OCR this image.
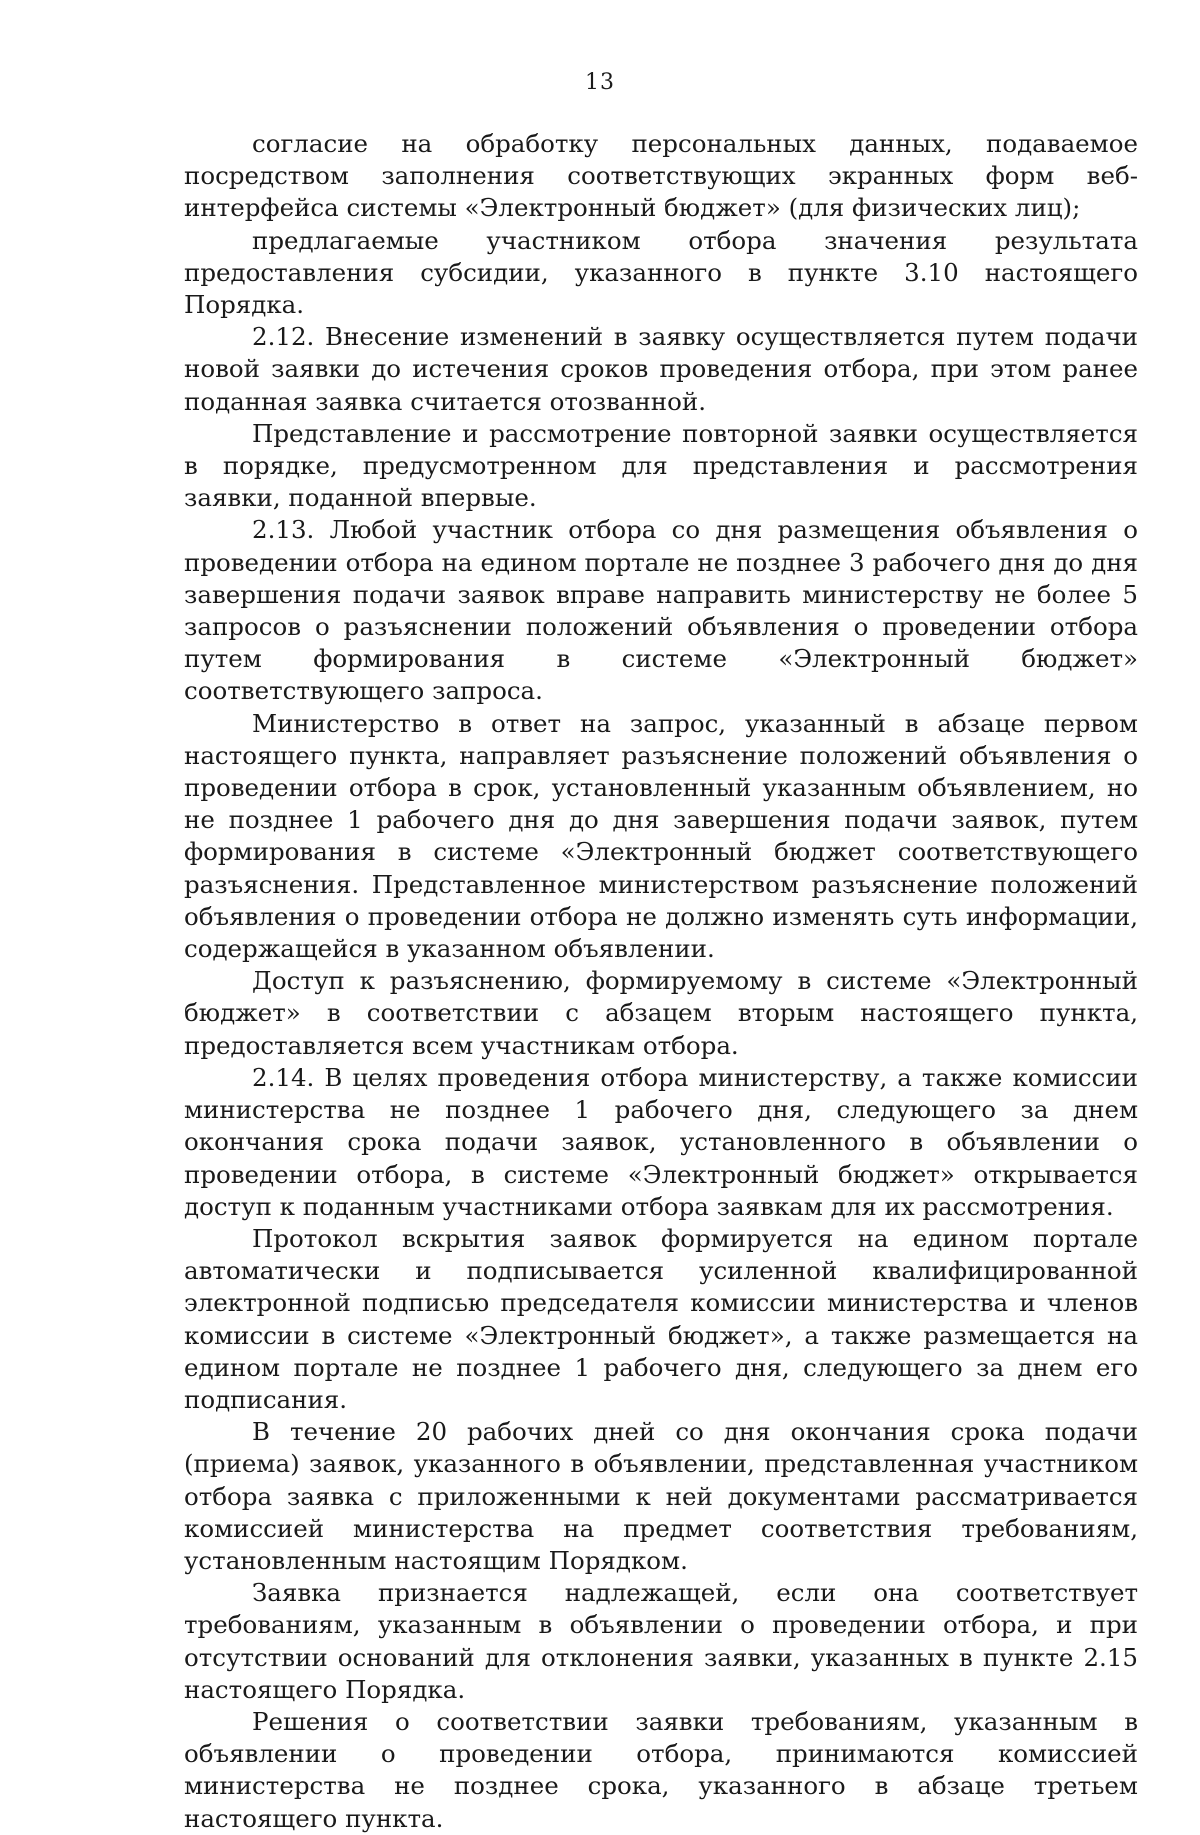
13

согласие на обработку персональных данных, подаваемое посредством заполнения соответствующих экранных форм веб-интерфейса системы «Электронный бюджет» (для физических лиц);

предлагаемые участником отбора значения результата предоставления субсидии, указанного в пункте 3.10 настоящего Порядка.

2.12. Внесение изменений в заявку осуществляется путем подачи новой заявки до истечения сроков проведения отбора, при этом ранее поданная заявка считается отозванной.

Представление и рассмотрение повторной заявки осуществляется в порядке, предусмотренном для представления и рассмотрения заявки, поданной впервые.

2.13. Любой участник отбора со дня размещения объявления о проведении отбора на едином портале не позднее 3 рабочего дня до дня завершения подачи заявок вправе направить министерству не более 5 запросов о разъяснении положений объявления о проведении отбора путем формирования в системе «Электронный бюджет» соответствующего запроса.

Министерство в ответ на запрос, указанный в абзаце первом настоящего пункта, направляет разъяснение положений объявления о проведении отбора в срок, установленный указанным объявлением, но не позднее 1 рабочего дня до дня завершения подачи заявок, путем формирования в системе «Электронный бюджет соответствующего разъяснения. Представленное министерством разъяснение положений объявления о проведении отбора не должно изменять суть информации, содержащейся в указанном объявлении.

Доступ к разъяснению, формируемому в системе «Электронный бюджет» в соответствии с абзацем вторым настоящего пункта, предоставляется всем участникам отбора.

2.14. В целях проведения отбора министерству, а также комиссии министерства не позднее 1 рабочего дня, следующего за днем окончания срока подачи заявок, установленного в объявлении о проведении отбора, в системе «Электронный бюджет» открывается доступ к поданным участниками отбора заявкам для их рассмотрения.

Протокол вскрытия заявок формируется на едином портале автоматически и подписывается усиленной квалифицированной электронной подписью председателя комиссии министерства и членов комиссии в системе «Электронный бюджет», а также размещается на едином портале не позднее 1 рабочего дня, следующего за днем его подписания.

В течение 20 рабочих дней со дня окончания срока подачи (приема) заявок, указанного в объявлении, представленная участником отбора заявка с приложенными к ней документами рассматривается комиссией министерства на предмет соответствия требованиям, установленным настоящим Порядком.

Заявка признается надлежащей, если она соответствует требованиям, указанным в объявлении о проведении отбора, и при отсутствии оснований для отклонения заявки, указанных в пункте 2.15 настоящего Порядка.

Решения о соответствии заявки требованиям, указанным в объявлении о проведении отбора, принимаются комиссией министерства не позднее срока, указанного в абзаце третьем настоящего пункта.
